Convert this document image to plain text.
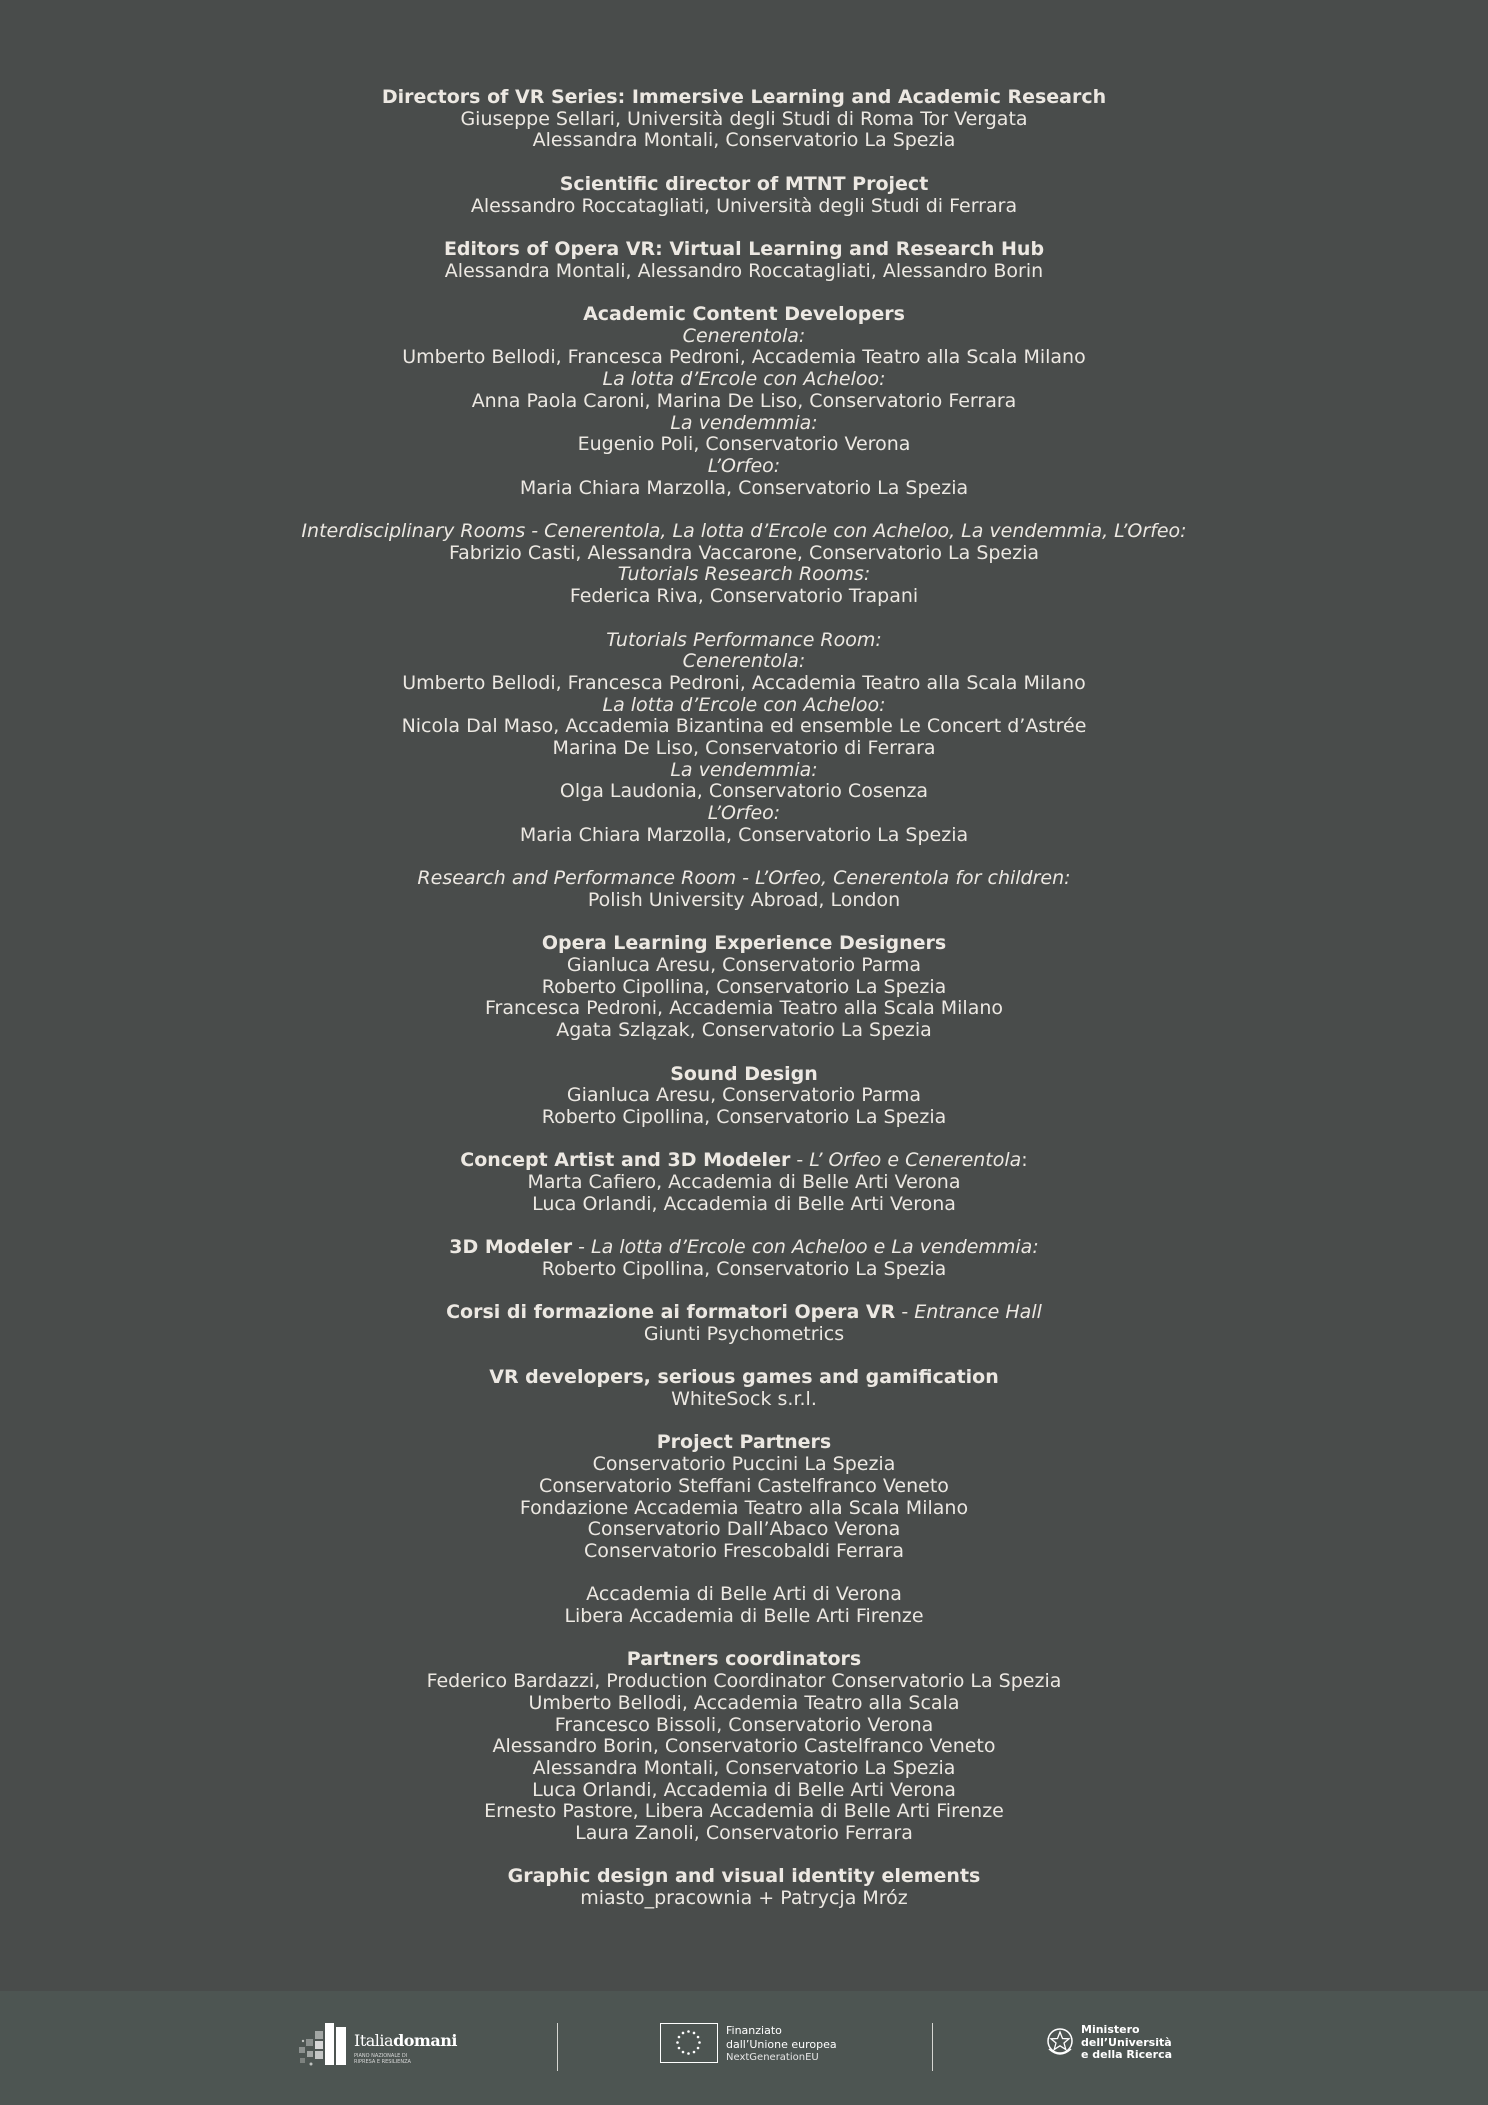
Directors of VR Series: Immersive Learning and Academic Research
Giuseppe Sellari, Università degli Studi di Roma Tor Vergata
Alessandra Montali, Conservatorio La Spezia
Scientific director of MTNT Project
Alessandro Roccatagliati, Università degli Studi di Ferrara
Editors of Opera VR: Virtual Learning and Research Hub
Alessandra Montali, Alessandro Roccatagliati, Alessandro Borin
Academic Content Developers
Cenerentola:
Umberto Bellodi, Francesca Pedroni, Accademia Teatro alla Scala Milano
La lotta d’Ercole con Acheloo:
Anna Paola Caroni, Marina De Liso, Conservatorio Ferrara
La vendemmia:
Eugenio Poli, Conservatorio Verona
L’Orfeo:
Maria Chiara Marzolla, Conservatorio La Spezia
Interdisciplinary Rooms - Cenerentola, La lotta d’Ercole con Acheloo, La vendemmia, L’Orfeo:
Fabrizio Casti, Alessandra Vaccarone, Conservatorio La Spezia
Tutorials Research Rooms:
Federica Riva, Conservatorio Trapani
Tutorials Performance Room:
Cenerentola:
Umberto Bellodi, Francesca Pedroni, Accademia Teatro alla Scala Milano
La lotta d’Ercole con Acheloo:
Nicola Dal Maso, Accademia Bizantina ed ensemble Le Concert d’Astrée
Marina De Liso, Conservatorio di Ferrara
La vendemmia:
Olga Laudonia, Conservatorio Cosenza
L’Orfeo:
Maria Chiara Marzolla, Conservatorio La Spezia
Research and Performance Room - L’Orfeo, Cenerentola for children:
Polish University Abroad, London
Opera Learning Experience Designers
Gianluca Aresu, Conservatorio Parma
Roberto Cipollina, Conservatorio La Spezia
Francesca Pedroni, Accademia Teatro alla Scala Milano
Agata Szlązak, Conservatorio La Spezia
Sound Design
Gianluca Aresu, Conservatorio Parma
Roberto Cipollina, Conservatorio La Spezia
Concept Artist and 3D Modeler - L’ Orfeo e Cenerentola:
Marta Cafiero, Accademia di Belle Arti Verona
Luca Orlandi, Accademia di Belle Arti Verona
3D Modeler - La lotta d’Ercole con Acheloo e La vendemmia:
Roberto Cipollina, Conservatorio La Spezia
Corsi di formazione ai formatori Opera VR - Entrance Hall
Giunti Psychometrics
VR developers, serious games and gamification
WhiteSock s.r.l.
Project Partners
Conservatorio Puccini La Spezia
Conservatorio Steffani Castelfranco Veneto
Fondazione Accademia Teatro alla Scala Milano
Conservatorio Dall’Abaco Verona
Conservatorio Frescobaldi Ferrara
Accademia di Belle Arti di Verona
Libera Accademia di Belle Arti Firenze
Partners coordinators
Federico Bardazzi, Production Coordinator Conservatorio La Spezia
Umberto Bellodi, Accademia Teatro alla Scala
Francesco Bissoli, Conservatorio Verona
Alessandro Borin, Conservatorio Castelfranco Veneto
Alessandra Montali, Conservatorio La Spezia
Luca Orlandi, Accademia di Belle Arti Verona
Ernesto Pastore, Libera Accademia di Belle Arti Firenze
Laura Zanoli, Conservatorio Ferrara
Graphic design and visual identity elements
miasto_pracownia + Patrycja Mróz
Italiadomani
PIANO NAZIONALE DI RIPRESA E RESILIENZA
Finanziato
dall’Unione europea
NextGenerationEU
Ministero
dell’Università
e della Ricerca
